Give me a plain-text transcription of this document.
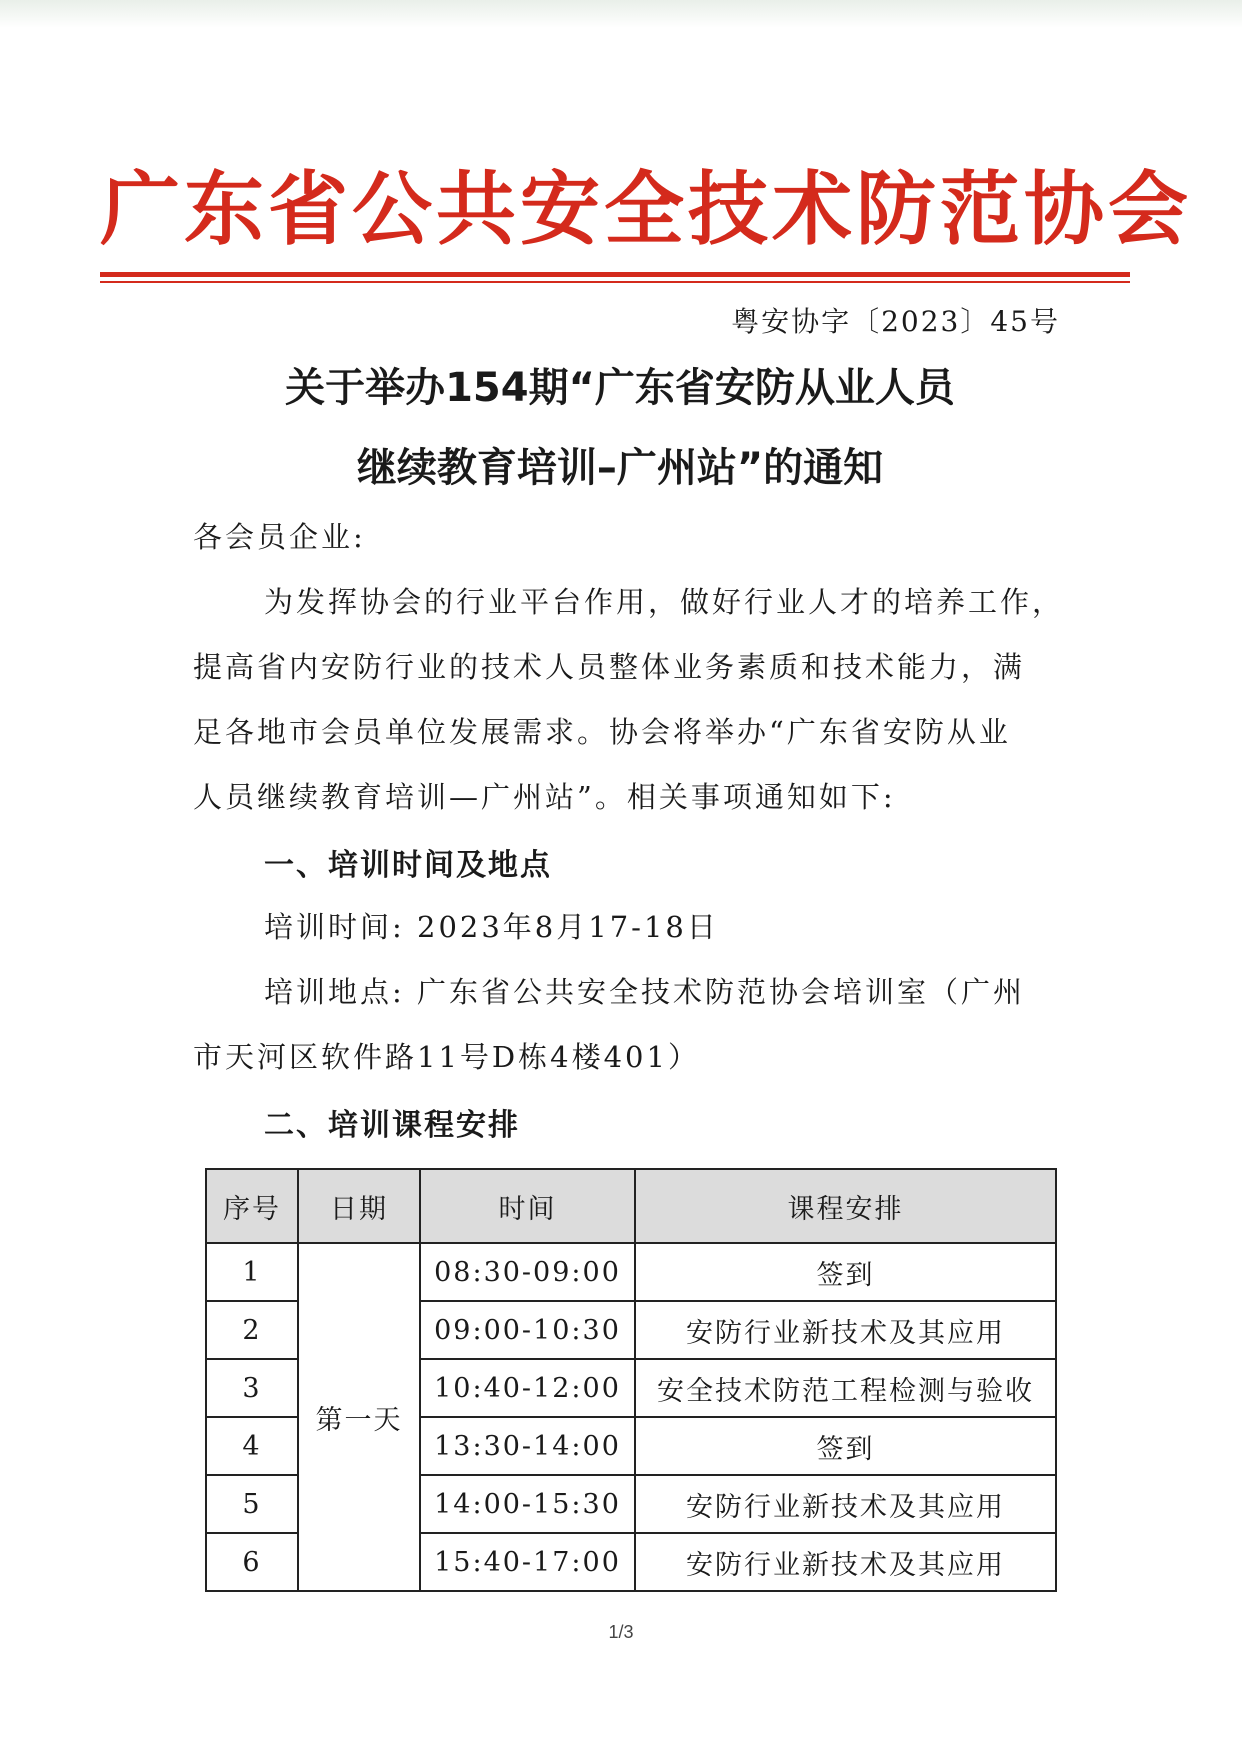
广东省公共安全技术防范协会
粤安协字〔2023〕45号
关于举办154期“广东省安防从业人员
继续教育培训–广州站”的通知
各会员企业:
为发挥协会的行业平台作用，做好行业人才的培养工作，
提高省内安防行业的技术人员整体业务素质和技术能力，满
足各地市会员单位发展需求。协会将举办“广东省安防从业
人员继续教育培训—广州站”。相关事项通知如下:
一、培训时间及地点
培训时间: 2023年8月17-18日
培训地点: 广东省公共安全技术防范协会培训室（广州
市天河区软件路11号D栋4楼401）
二、培训课程安排
序号	日期	时间	课程安排
1	第一天	08:30-09:00	签到
2		09:00-10:30	安防行业新技术及其应用
3		10:40-12:00	安全技术防范工程检测与验收
4		13:30-14:00	签到
5		14:00-15:30	安防行业新技术及其应用
6		15:40-17:00	安防行业新技术及其应用
1/3
